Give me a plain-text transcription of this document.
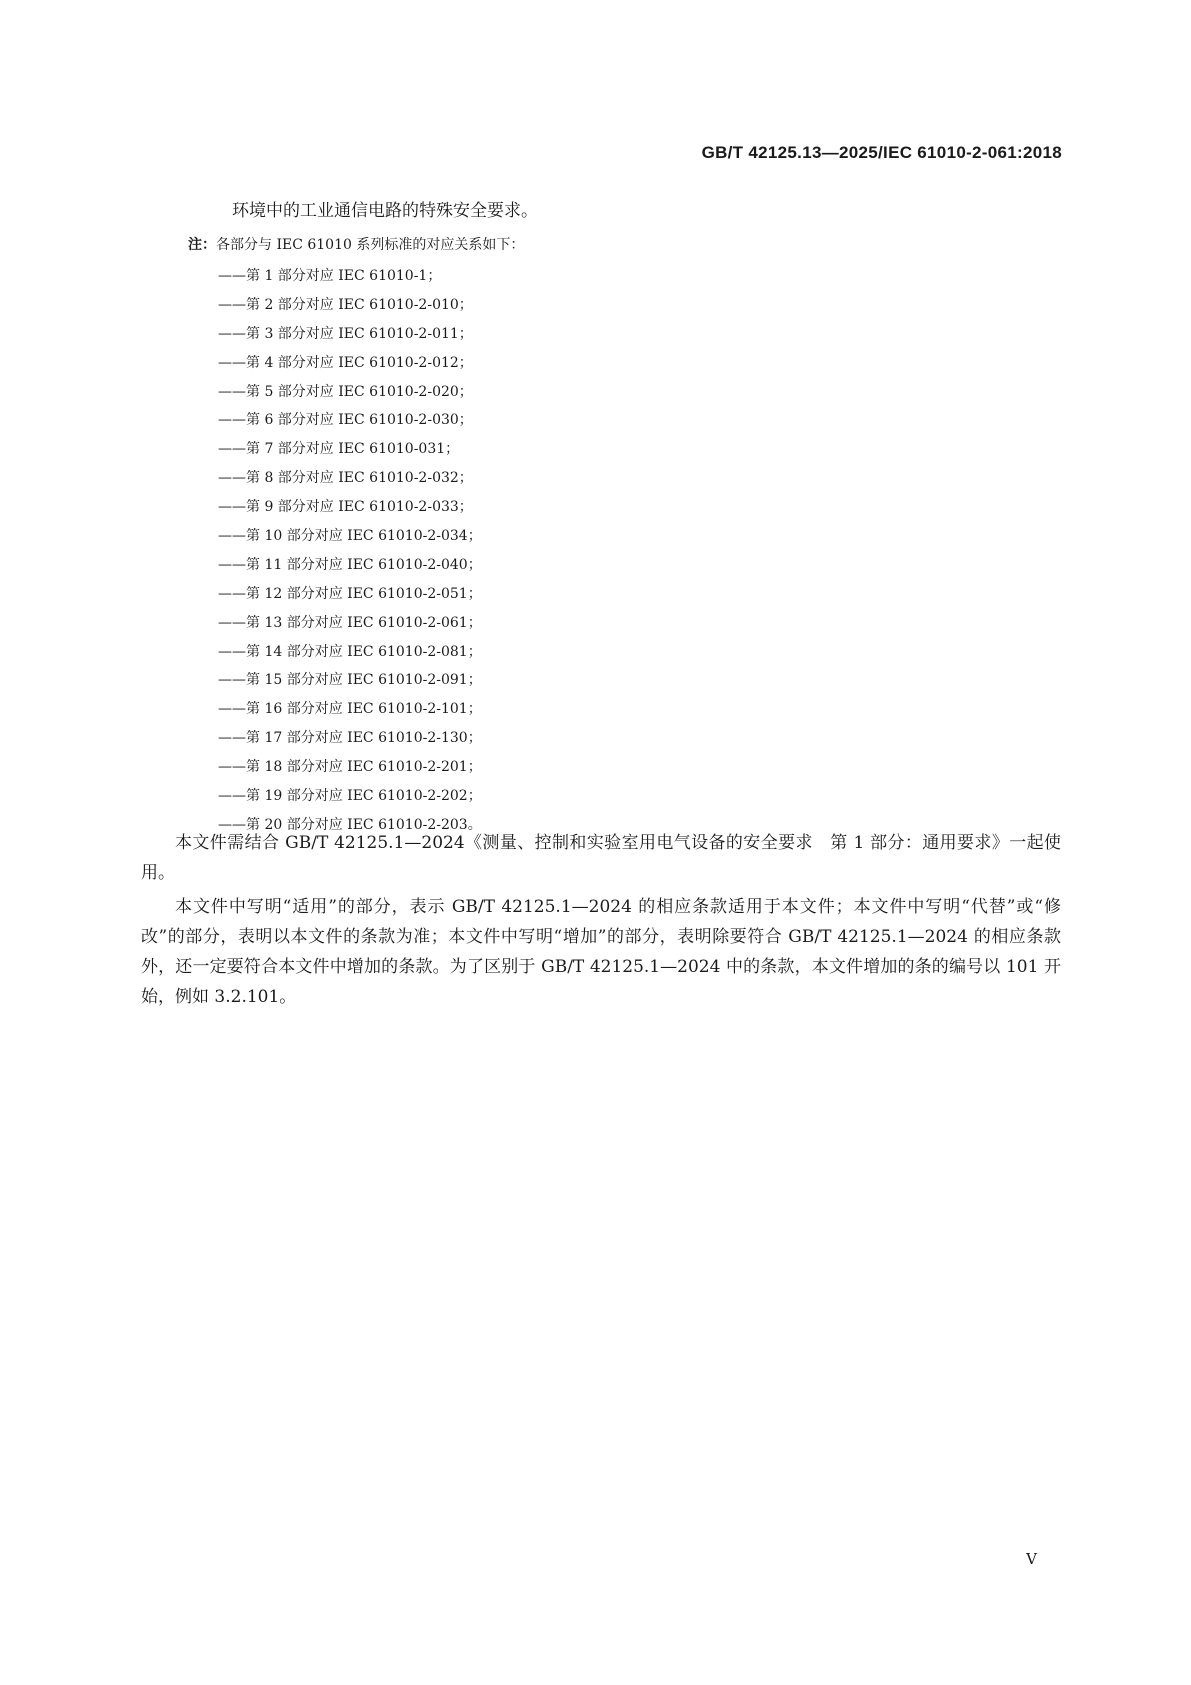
GB/T 42125.13—2025/IEC 61010-2-061:2018
环境中的工业通信电路的特殊安全要求。
注：各部分与 IEC 61010 系列标准的对应关系如下：
——第 1 部分对应 IEC 61010-1；
——第 2 部分对应 IEC 61010-2-010；
——第 3 部分对应 IEC 61010-2-011；
——第 4 部分对应 IEC 61010-2-012；
——第 5 部分对应 IEC 61010-2-020；
——第 6 部分对应 IEC 61010-2-030；
——第 7 部分对应 IEC 61010-031；
——第 8 部分对应 IEC 61010-2-032；
——第 9 部分对应 IEC 61010-2-033；
——第 10 部分对应 IEC 61010-2-034；
——第 11 部分对应 IEC 61010-2-040；
——第 12 部分对应 IEC 61010-2-051；
——第 13 部分对应 IEC 61010-2-061；
——第 14 部分对应 IEC 61010-2-081；
——第 15 部分对应 IEC 61010-2-091；
——第 16 部分对应 IEC 61010-2-101；
——第 17 部分对应 IEC 61010-2-130；
——第 18 部分对应 IEC 61010-2-201；
——第 19 部分对应 IEC 61010-2-202；
——第 20 部分对应 IEC 61010-2-203。

本文件需结合 GB/T 42125.1—2024《测量、控制和实验室用电气设备的安全要求　第 1 部分：通用要求》一起使用。

本文件中写明“适用”的部分，表示 GB/T 42125.1—2024 的相应条款适用于本文件；本文件中写明“代替”或“修改”的部分，表明以本文件的条款为准；本文件中写明“增加”的部分，表明除要符合 GB/T 42125.1—2024 的相应条款外，还一定要符合本文件中增加的条款。为了区别于 GB/T 42125.1—2024 中的条款，本文件增加的条的编号以 101 开始，例如 3.2.101。

V
